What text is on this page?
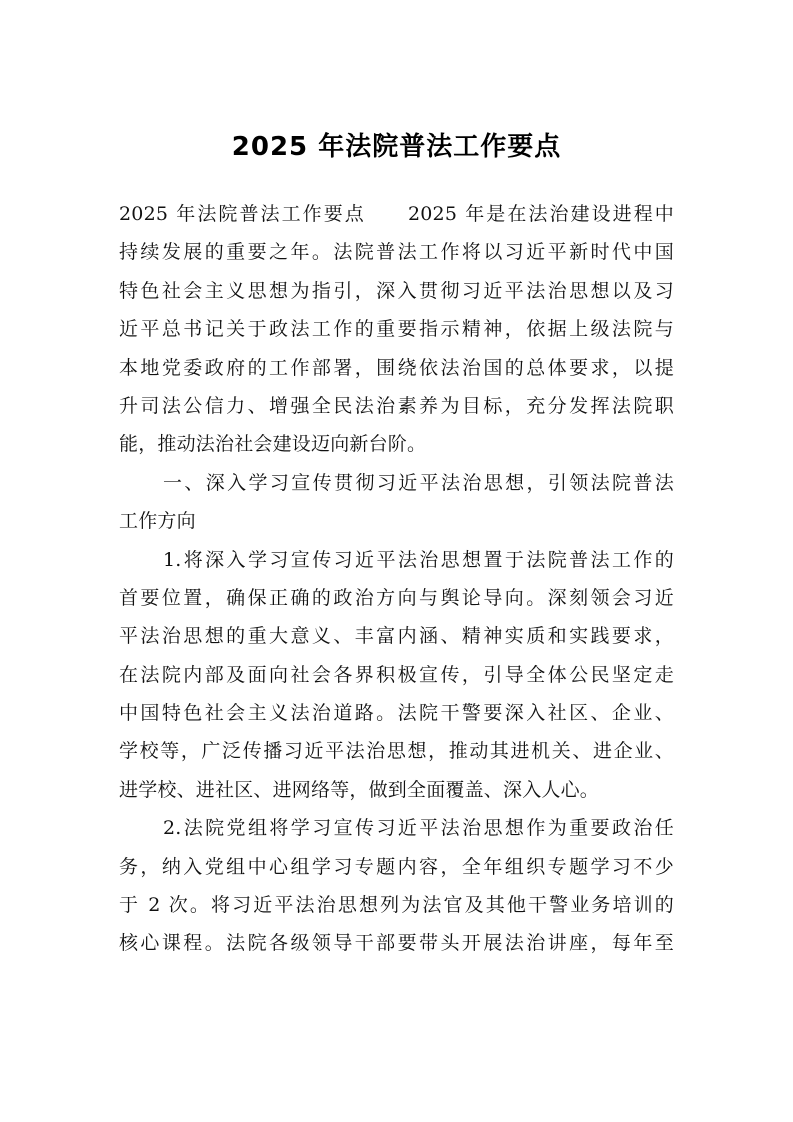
2025 年法院普法工作要点
2025 年法院普法工作要点　　2025 年是在法治建设进程中
持续发展的重要之年。法院普法工作将以习近平新时代中国
特色社会主义思想为指引，深入贯彻习近平法治思想以及习
近平总书记关于政法工作的重要指示精神，依据上级法院与
本地党委政府的工作部署，围绕依法治国的总体要求，以提
升司法公信力、增强全民法治素养为目标，充分发挥法院职
能，推动法治社会建设迈向新台阶。
一、深入学习宣传贯彻习近平法治思想，引领法院普法
工作方向
1.将深入学习宣传习近平法治思想置于法院普法工作的
首要位置，确保正确的政治方向与舆论导向。深刻领会习近
平法治思想的重大意义、丰富内涵、精神实质和实践要求，
在法院内部及面向社会各界积极宣传，引导全体公民坚定走
中国特色社会主义法治道路。法院干警要深入社区、企业、
学校等，广泛传播习近平法治思想，推动其进机关、进企业、
进学校、进社区、进网络等，做到全面覆盖、深入人心。
2.法院党组将学习宣传习近平法治思想作为重要政治任
务，纳入党组中心组学习专题内容，全年组织专题学习不少
于 2 次。将习近平法治思想列为法官及其他干警业务培训的
核心课程。法院各级领导干部要带头开展法治讲座，每年至
